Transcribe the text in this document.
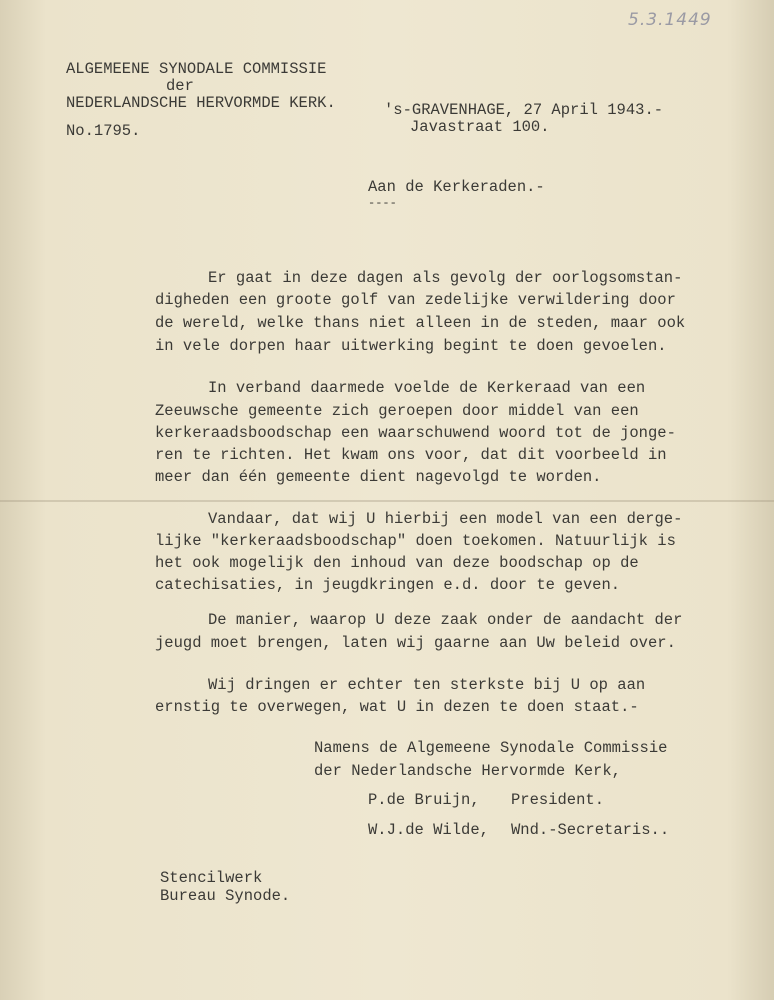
5.3.1449
ALGEMEENE SYNODALE COMMISSIE
der
NEDERLANDSCHE HERVORMDE KERK.
No.1795.
's-GRAVENHAGE, 27 April 1943.-
Javastraat 100.
Aan de Kerkeraden.-
----
Er gaat in deze dagen als gevolg der oorlogsomstan-
digheden een groote golf van zedelijke verwildering door
de wereld, welke thans niet alleen in de steden, maar ook
in vele dorpen haar uitwerking begint te doen gevoelen.
In verband daarmede voelde de Kerkeraad van een
Zeeuwsche gemeente zich geroepen door middel van een
kerkeraadsboodschap een waarschuwend woord tot de jonge-
ren te richten. Het kwam ons voor, dat dit voorbeeld in
meer dan één gemeente dient nagevolgd te worden.
Vandaar, dat wij U hierbij een model van een derge-
lijke "kerkeraadsboodschap" doen toekomen. Natuurlijk is
het ook mogelijk den inhoud van deze boodschap op de
catechisaties, in jeugdkringen e.d. door te geven.
De manier, waarop U deze zaak onder de aandacht der
jeugd moet brengen, laten wij gaarne aan Uw beleid over.
Wij dringen er echter ten sterkste bij U op aan
ernstig te overwegen, wat U in dezen te doen staat.-
Namens de Algemeene Synodale Commissie
der Nederlandsche Hervormde Kerk,
P.de Bruijn, President.
W.J.de Wilde, Wnd.-Secretaris..
Stencilwerk
Bureau Synode.
